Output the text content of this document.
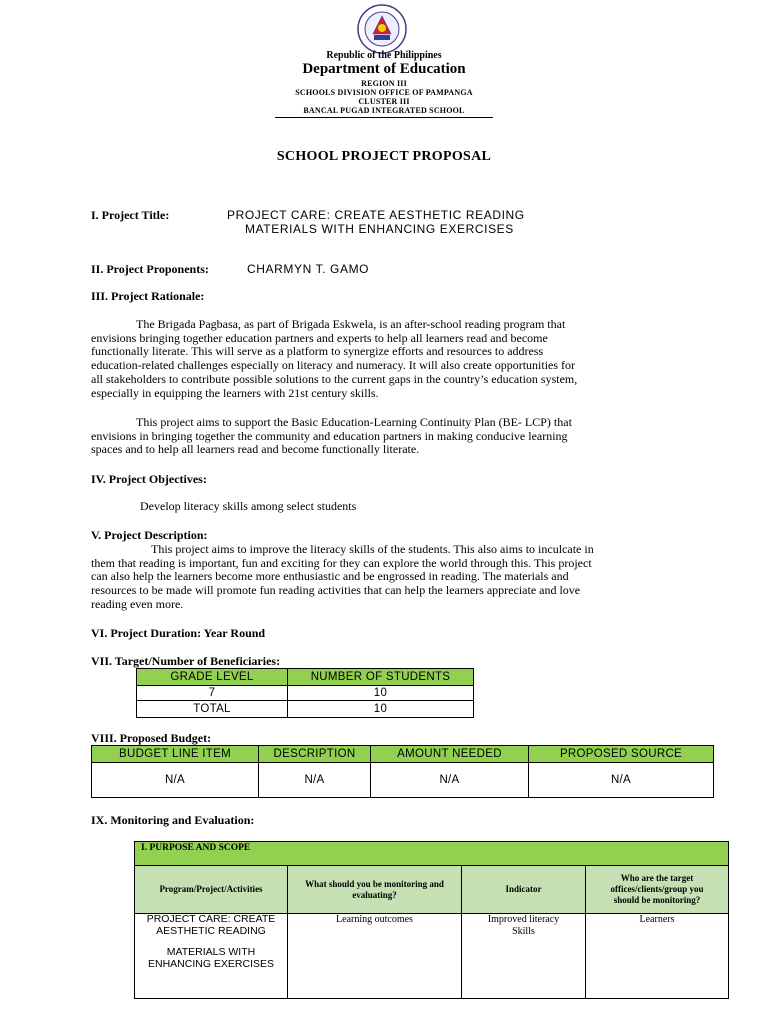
Republic of the Philippines
Department of Education
REGION III
SCHOOLS DIVISION OFFICE OF PAMPANGA
CLUSTER III
BANCAL PUGAD INTEGRATED SCHOOL
SCHOOL PROJECT PROPOSAL
I. Project Title:	PROJECT CARE: CREATE AESTHETIC READING
MATERIALS WITH ENHANCING EXERCISES
II. Project Proponents:	CHARMYN T. GAMO
III. Project Rationale:
The Brigada Pagbasa, as part of Brigada Eskwela, is an after-school reading program that
envisions bringing together education partners and experts to help all learners read and become
functionally literate. This will serve as a platform to synergize efforts and resources to address
education-related challenges especially on literacy and numeracy. It will also create opportunities for
all stakeholders to contribute possible solutions to the current gaps in the country’s education system,
especially in equipping the learners with 21st century skills.
This project aims to support the Basic Education-Learning Continuity Plan (BE- LCP) that
envisions in bringing together the community and education partners in making conducive learning
spaces and to help all learners read and become functionally literate.
IV. Project Objectives:
Develop literacy skills among select students
V. Project Description:
This project aims to improve the literacy skills of the students. This also aims to inculcate in
them that reading is important, fun and exciting for they can explore the world through this. This project
can also help the learners become more enthusiastic and be engrossed in reading. The materials and
resources to be made will promote fun reading activities that can help the learners appreciate and love
reading even more.
VI. Project Duration: Year Round
VII. Target/Number of Beneficiaries:
GRADE LEVEL	NUMBER OF STUDENTS
7	10
TOTAL	10
VIII. Proposed Budget:
BUDGET LINE ITEM	DESCRIPTION	AMOUNT NEEDED	PROPOSED SOURCE
N/A	N/A	N/A	N/A
IX. Monitoring and Evaluation:
I. PURPOSE AND SCOPE			
Program/Project/Activities	What should you be monitoring and evaluating?	Indicator	Who are the target offices/clients/group you should be monitoring?

PROJECT CARE: CREATE AESTHETIC READING
MATERIALS WITH ENHANCING EXERCISES	Learning outcomes	Improved literacy Skills	Learners
